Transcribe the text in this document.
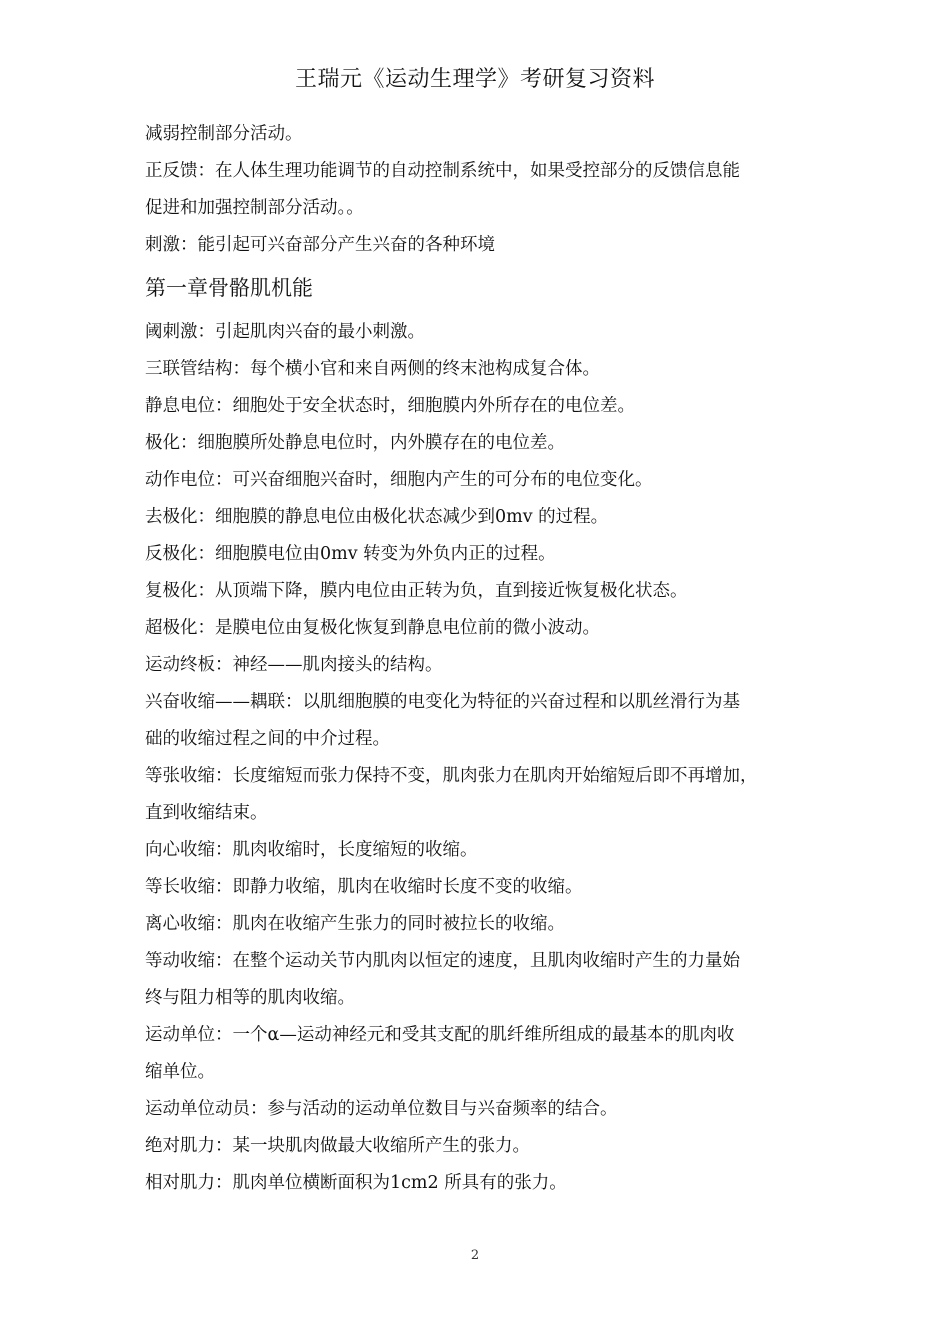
王瑞元《运动生理学》考研复习资料
减弱控制部分活动。
正反馈：在人体生理功能调节的自动控制系统中，如果受控部分的反馈信息能
促进和加强控制部分活动。。
刺激：能引起可兴奋部分产生兴奋的各种环境
第一章骨骼肌机能
阈刺激：引起肌肉兴奋的最小刺激。
三联管结构：每个横小官和来自两侧的终末池构成复合体。
静息电位：细胞处于安全状态时，细胞膜内外所存在的电位差。
极化：细胞膜所处静息电位时，内外膜存在的电位差。
动作电位：可兴奋细胞兴奋时，细胞内产生的可分布的电位变化。
去极化：细胞膜的静息电位由极化状态减少到0mv 的过程。
反极化：细胞膜电位由0mv 转变为外负内正的过程。
复极化：从顶端下降，膜内电位由正转为负，直到接近恢复极化状态。
超极化：是膜电位由复极化恢复到静息电位前的微小波动。
运动终板：神经——肌肉接头的结构。
兴奋收缩——耦联：以肌细胞膜的电变化为特征的兴奋过程和以肌丝滑行为基
础的收缩过程之间的中介过程。
等张收缩：长度缩短而张力保持不变，肌肉张力在肌肉开始缩短后即不再增加，
直到收缩结束。
向心收缩：肌肉收缩时，长度缩短的收缩。
等长收缩：即静力收缩，肌肉在收缩时长度不变的收缩。
离心收缩：肌肉在收缩产生张力的同时被拉长的收缩。
等动收缩：在整个运动关节内肌肉以恒定的速度，且肌肉收缩时产生的力量始
终与阻力相等的肌肉收缩。
运动单位：一个α—运动神经元和受其支配的肌纤维所组成的最基本的肌肉收
缩单位。
运动单位动员：参与活动的运动单位数目与兴奋频率的结合。
绝对肌力：某一块肌肉做最大收缩所产生的张力。
相对肌力：肌肉单位横断面积为1cm2 所具有的张力。
2
